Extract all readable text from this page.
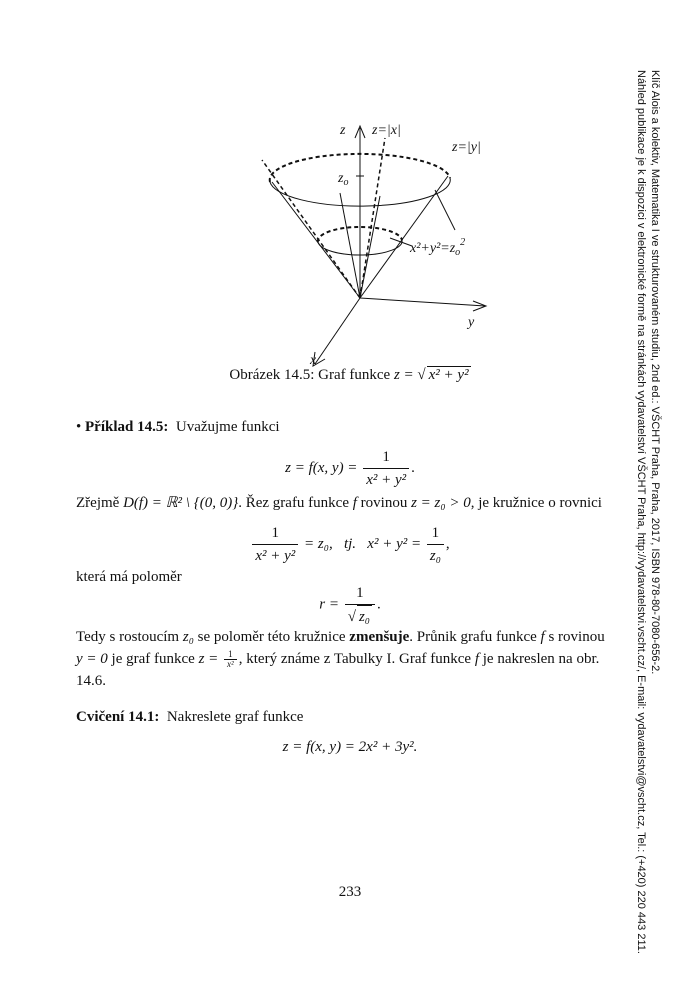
z z=|x|
z=|y|
$z_o$
$x^2+y^2=z_o^2$
y
x
Obrázek 14.5: Graf funkce z = √ x² + y²
• Příklad 14.5: Uvažujme funkci
z = f(x, $y) = \frac{1}{\text{x² + y²}}$ .
Zřejmě D(f) = ℝ² \ {(0, 0)}. Řez grafu funkce f rovinou z = z₀ > 0, je kružnice o rovnici
$\frac{1}{\text{x² + y²}} = z_0$, tj. $x^2 + y^2 = \frac{1}{\text{z₀}}$ ,
která má poloměr
$r = \frac{1}{\text{√ z₀}}$ .
Tedy s rostoucím z₀ se poloměr této kružnice zmenšuje. Průnik grafu funkce f s rovinou
y = 0 je graf funkce $z = \frac{1}{\text{x²}}$ , který známe z Tabulky I. Graf funkce f je nakreslen na obr.
14.6.
Cvičení 14.1: Nakreslete graf funkce
z = f(x, y) = 2x² + 3y².
233
Klíč Alois a kolektiv, Matematika I ve strukturovaném studiu, 2nd ed.: VŠCHT Praha, Praha, 2017, ISBN 978-80-7080-656-2.
Náhled publikace je k dispozici v elektronické formě na stránkách vydavatelství VŠCHT Praha, http://vydavatelstvi.vscht.cz/, E-mail: vydavatelstvi@vscht.cz, Tel.: (+420) 220 443 211.
